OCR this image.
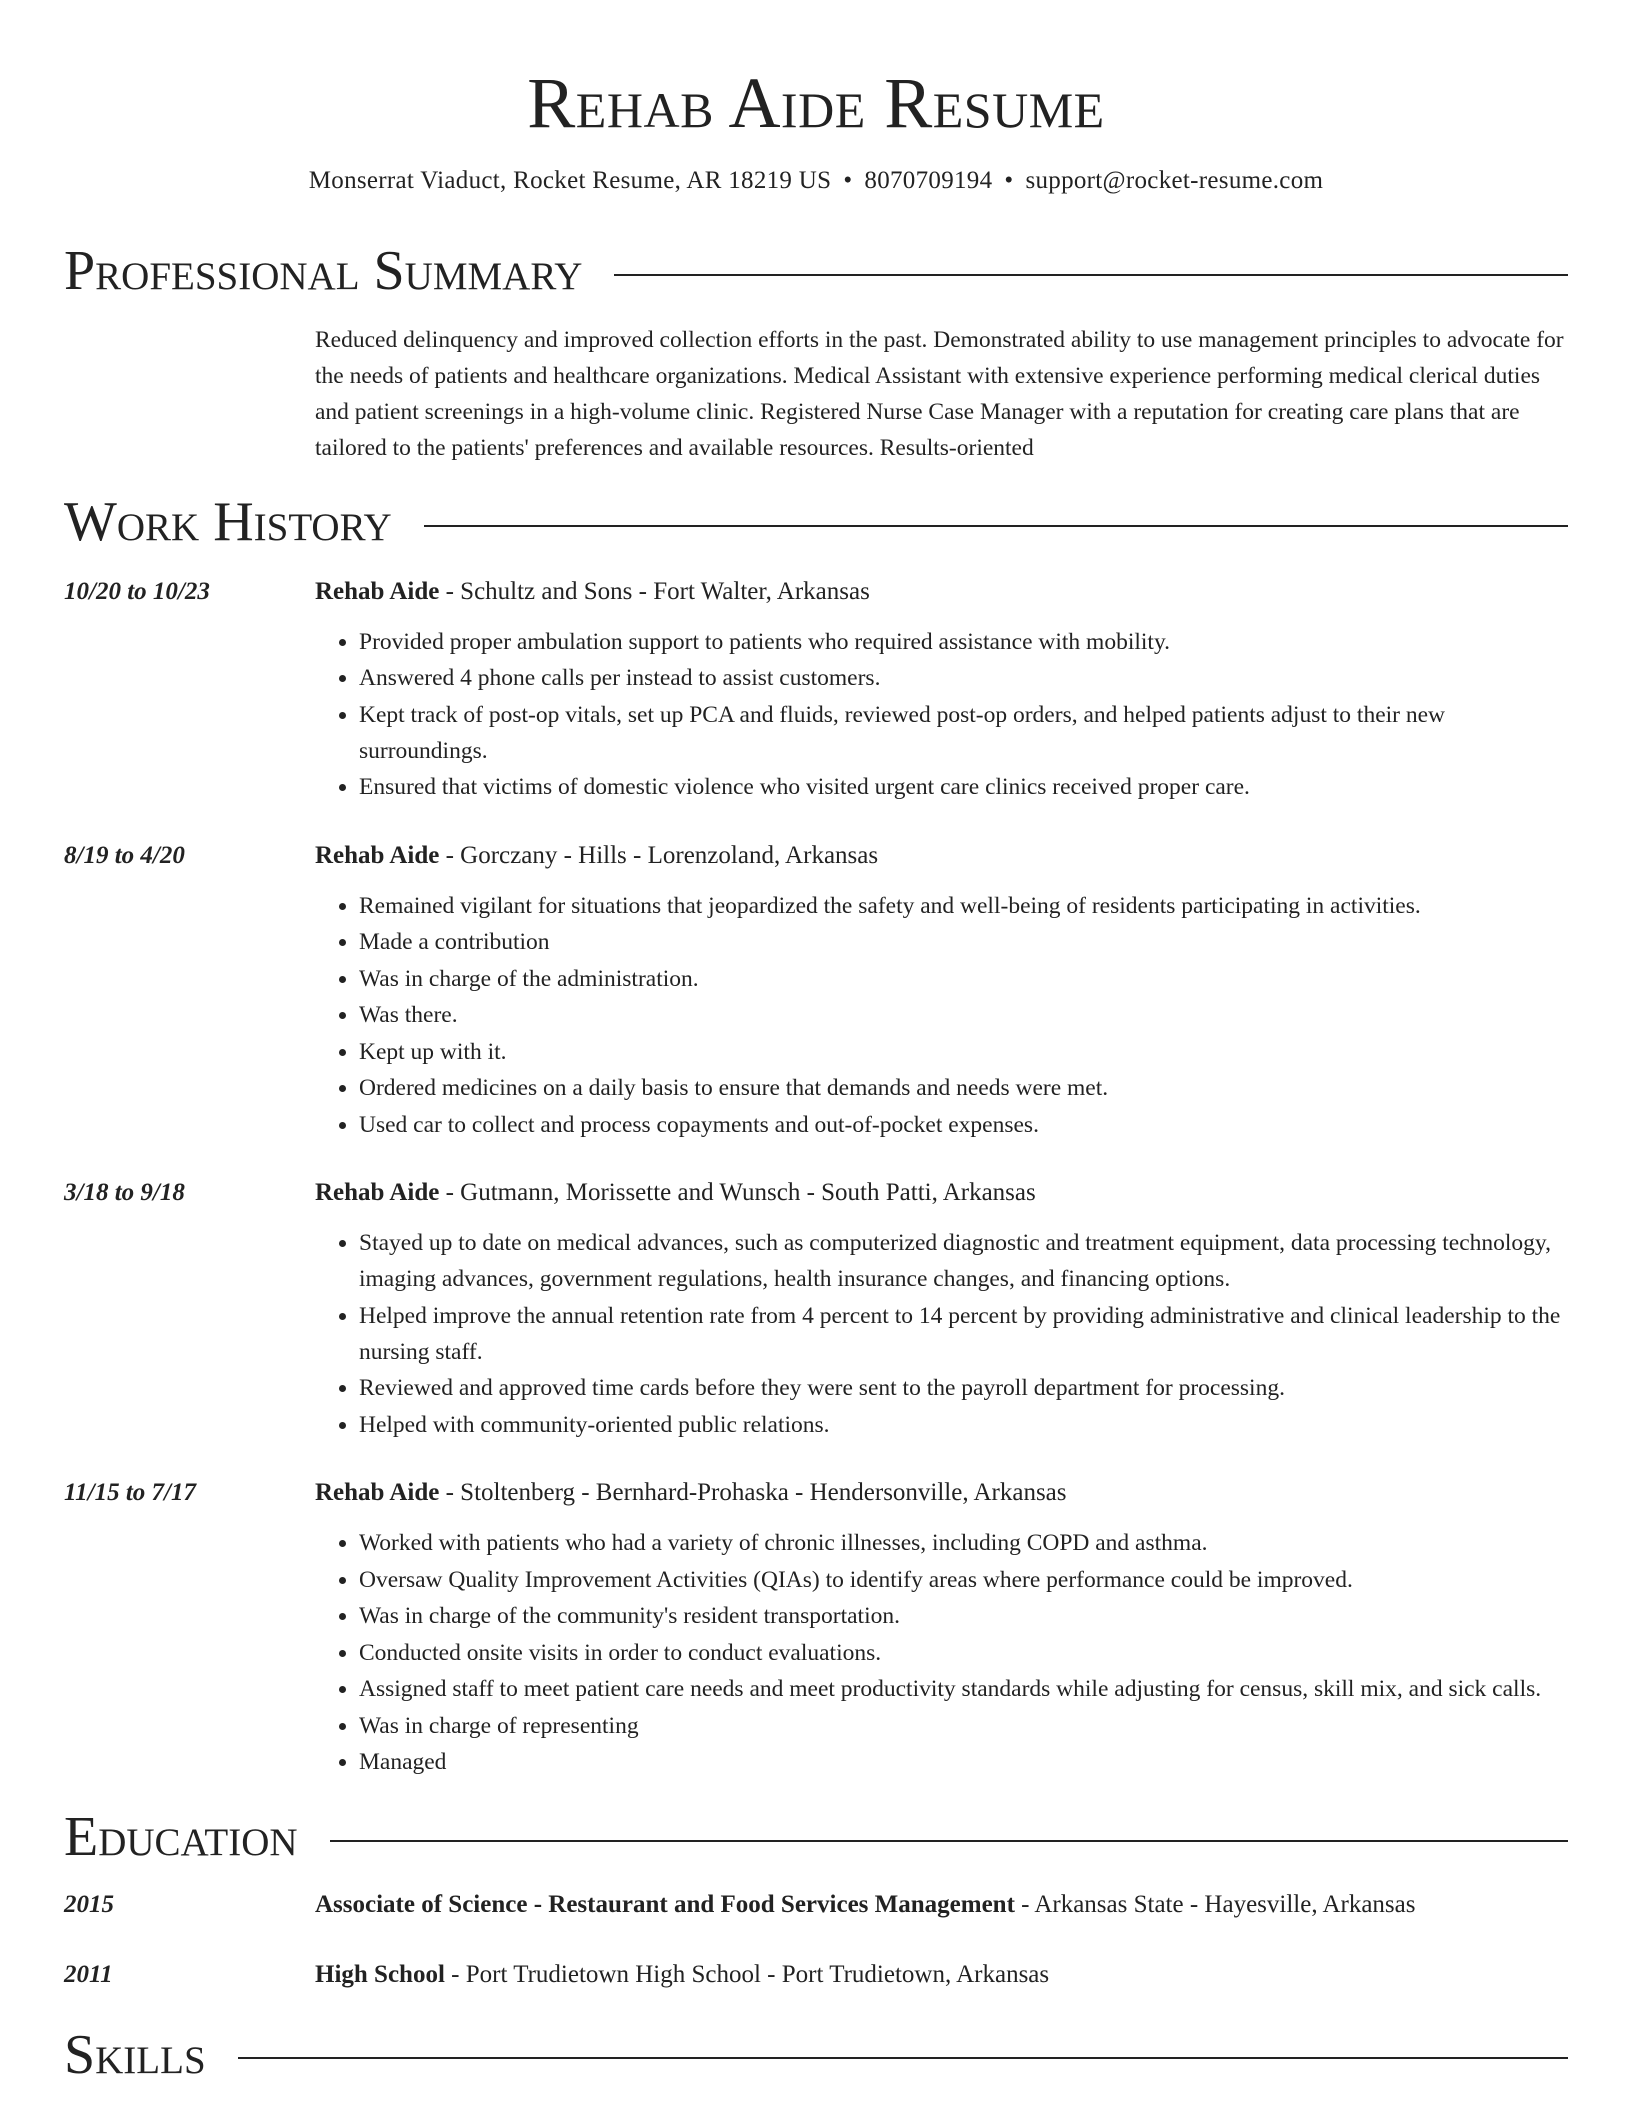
Rehab Aide Resume
Monserrat Viaduct, Rocket Resume, AR 18219 US • 8070709194 • support@rocket-resume.com
Professional Summary
Reduced delinquency and improved collection efforts in the past. Demonstrated ability to use management principles to advocate for the needs of patients and healthcare organizations. Medical Assistant with extensive experience performing medical clerical duties and patient screenings in a high-volume clinic. Registered Nurse Case Manager with a reputation for creating care plans that are tailored to the patients' preferences and available resources. Results-oriented
Work History
10/20 to 10/23	Rehab Aide - Schultz and Sons - Fort Walter, Arkansas
• Provided proper ambulation support to patients who required assistance with mobility.
• Answered 4 phone calls per instead to assist customers.
• Kept track of post-op vitals, set up PCA and fluids, reviewed post-op orders, and helped patients adjust to their new surroundings.
• Ensured that victims of domestic violence who visited urgent care clinics received proper care.
8/19 to 4/20	Rehab Aide - Gorczany - Hills - Lorenzoland, Arkansas
• Remained vigilant for situations that jeopardized the safety and well-being of residents participating in activities.
• Made a contribution
• Was in charge of the administration.
• Was there.
• Kept up with it.
• Ordered medicines on a daily basis to ensure that demands and needs were met.
• Used car to collect and process copayments and out-of-pocket expenses.
3/18 to 9/18	Rehab Aide - Gutmann, Morissette and Wunsch - South Patti, Arkansas
• Stayed up to date on medical advances, such as computerized diagnostic and treatment equipment, data processing technology, imaging advances, government regulations, health insurance changes, and financing options.
• Helped improve the annual retention rate from 4 percent to 14 percent by providing administrative and clinical leadership to the nursing staff.
• Reviewed and approved time cards before they were sent to the payroll department for processing.
• Helped with community-oriented public relations.
11/15 to 7/17	Rehab Aide - Stoltenberg - Bernhard-Prohaska - Hendersonville, Arkansas
• Worked with patients who had a variety of chronic illnesses, including COPD and asthma.
• Oversaw Quality Improvement Activities (QIAs) to identify areas where performance could be improved.
• Was in charge of the community's resident transportation.
• Conducted onsite visits in order to conduct evaluations.
• Assigned staff to meet patient care needs and meet productivity standards while adjusting for census, skill mix, and sick calls.
• Was in charge of representing
• Managed
Education
2015	Associate of Science - Restaurant and Food Services Management - Arkansas State - Hayesville, Arkansas
2011	High School - Port Trudietown High School - Port Trudietown, Arkansas
Skills
